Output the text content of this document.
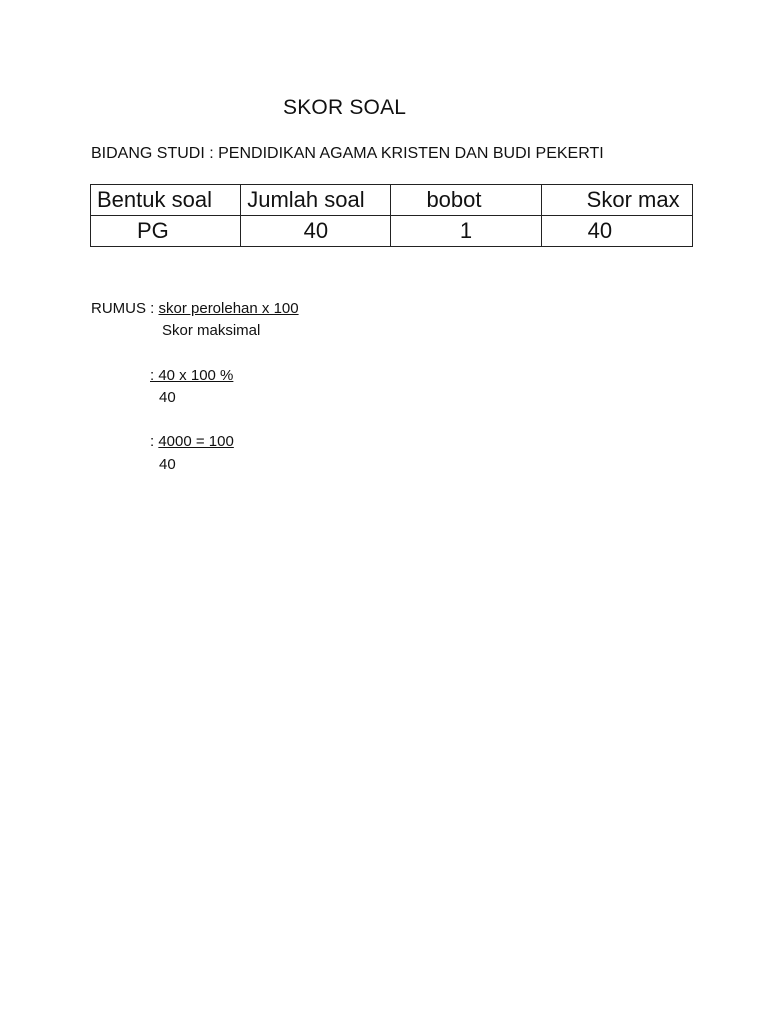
SKOR SOAL
BIDANG STUDI : PENDIDIKAN AGAMA KRISTEN DAN BUDI PEKERTI
Bentuk soal	Jumlah soal	bobot	Skor max
PG	40	1	40
RUMUS : skor perolehan x 100
Skor maksimal
: 40 x 100 %
40
: 4000 = 100
40
